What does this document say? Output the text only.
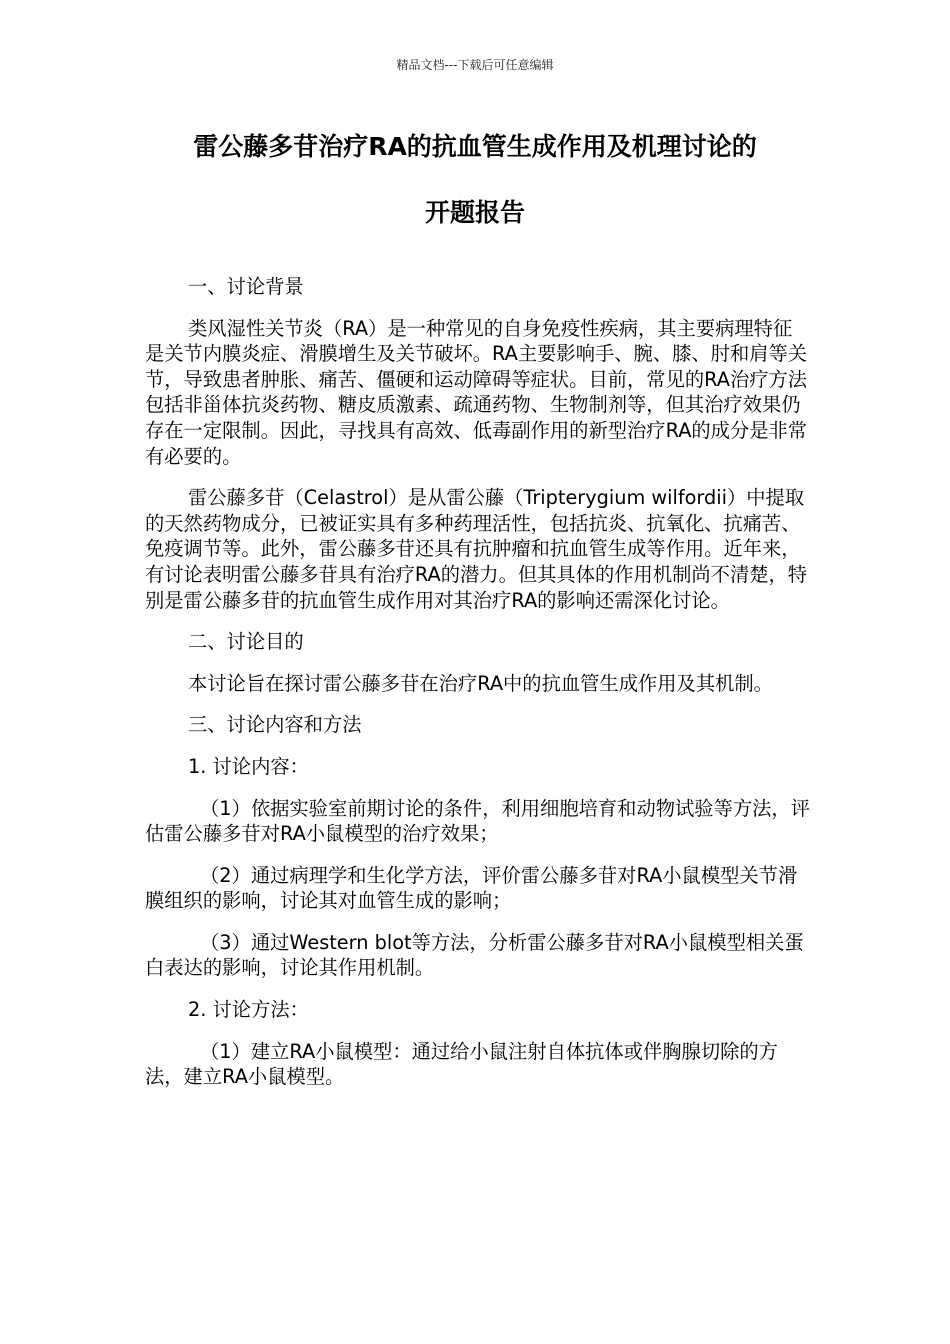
精品文档---下载后可任意编辑
雷公藤多苷治疗RA的抗血管生成作用及机理讨论的
开题报告

一、讨论背景

类风湿性关节炎（RA）是一种常见的自身免疫性疾病，其主要病理特征是关节内膜炎症、滑膜增生及关节破坏。RA主要影响手、腕、膝、肘和肩等关节，导致患者肿胀、痛苦、僵硬和运动障碍等症状。目前，常见的RA治疗方法包括非甾体抗炎药物、糖皮质激素、疏通药物、生物制剂等，但其治疗效果仍存在一定限制。因此，寻找具有高效、低毒副作用的新型治疗RA的成分是非常有必要的。

雷公藤多苷（Celastrol）是从雷公藤（Tripterygium wilfordii）中提取的天然药物成分，已被证实具有多种药理活性，包括抗炎、抗氧化、抗痛苦、免疫调节等。此外，雷公藤多苷还具有抗肿瘤和抗血管生成等作用。近年来，有讨论表明雷公藤多苷具有治疗RA的潜力。但其具体的作用机制尚不清楚，特别是雷公藤多苷的抗血管生成作用对其治疗RA的影响还需深化讨论。

二、讨论目的

本讨论旨在探讨雷公藤多苷在治疗RA中的抗血管生成作用及其机制。

三、讨论内容和方法

1. 讨论内容：

（1）依据实验室前期讨论的条件，利用细胞培育和动物试验等方法，评估雷公藤多苷对RA小鼠模型的治疗效果；

（2）通过病理学和生化学方法，评价雷公藤多苷对RA小鼠模型关节滑膜组织的影响，讨论其对血管生成的影响；

（3）通过Western blot等方法，分析雷公藤多苷对RA小鼠模型相关蛋白表达的影响，讨论其作用机制。

2. 讨论方法：

（1）建立RA小鼠模型：通过给小鼠注射自体抗体或伴胸腺切除的方法，建立RA小鼠模型。
